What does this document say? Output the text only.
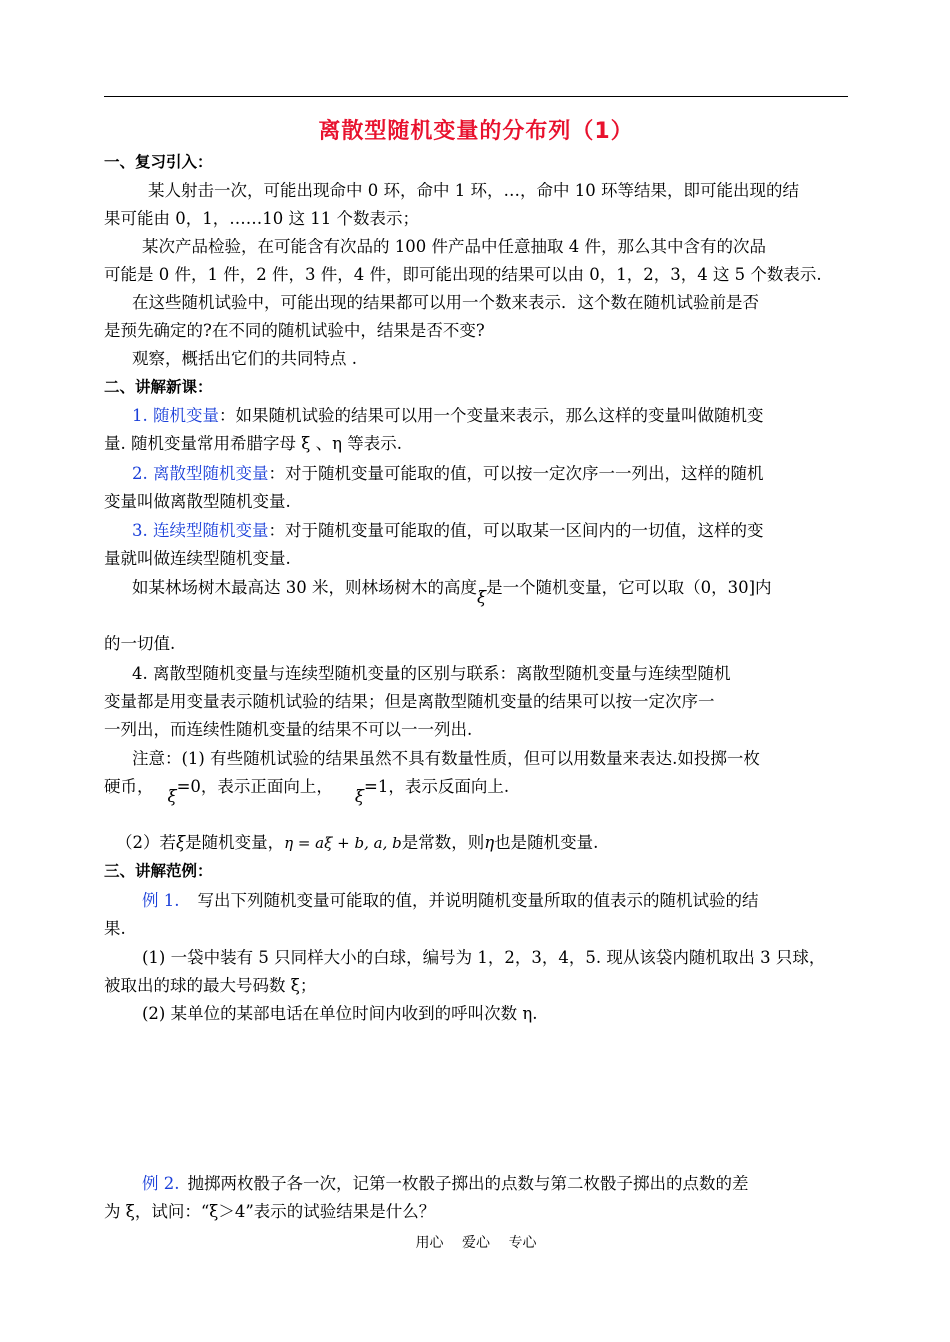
离散型随机变量的分布列（1）
一、复习引入：
某人射击一次，可能出现命中 0 环，命中 1 环，…，命中 10 环等结果，即可能出现的结
果可能由 0，1，……10 这 11 个数表示；
某次产品检验，在可能含有次品的 100 件产品中任意抽取 4 件，那么其中含有的次品
可能是 0 件，1 件，2 件，3 件，4 件，即可能出现的结果可以由 0，1，2，3，4 这 5 个数表示.
在这些随机试验中，可能出现的结果都可以用一个数来表示．这个数在随机试验前是否
是预先确定的?在不同的随机试验中，结果是否不变?
观察，概括出它们的共同特点 .
二、讲解新课：
1. 随机变量：如果随机试验的结果可以用一个变量来表示，那么这样的变量叫做随机变
量. 随机变量常用希腊字母 ξ 、η 等表示.
2. 离散型随机变量：对于随机变量可能取的值，可以按一定次序一一列出，这样的随机
变量叫做离散型随机变量.
3. 连续型随机变量：对于随机变量可能取的值，可以取某一区间内的一切值，这样的变
量就叫做连续型随机变量.
如某林场树木最高达 30 米，则林场树木的高度ξ是一个随机变量，它可以取（0，30]内
的一切值.
4. 离散型随机变量与连续型随机变量的区别与联系：离散型随机变量与连续型随机
变量都是用变量表示随机试验的结果；但是离散型随机变量的结果可以按一定次序一
一列出，而连续性随机变量的结果不可以一一列出.
注意：(1) 有些随机试验的结果虽然不具有数量性质，但可以用数量来表达.如投掷一枚
硬币，ξ=0，表示正面向上，ξ=1，表示反面向上.
（2）若ξ是随机变量，η = aξ + b, a, b是常数，则η也是随机变量.
三、讲解范例：
例 1. 写出下列随机变量可能取的值，并说明随机变量所取的值表示的随机试验的结
果.
(1) 一袋中装有 5 只同样大小的白球，编号为 1，2，3，4，5. 现从该袋内随机取出 3 只球，
被取出的球的最大号码数 ξ；
(2) 某单位的某部电话在单位时间内收到的呼叫次数 η.
例 2. 抛掷两枚骰子各一次，记第一枚骰子掷出的点数与第二枚骰子掷出的点数的差
为 ξ，试问：“ξ＞4”表示的试验结果是什么？
用心 爱心 专心
